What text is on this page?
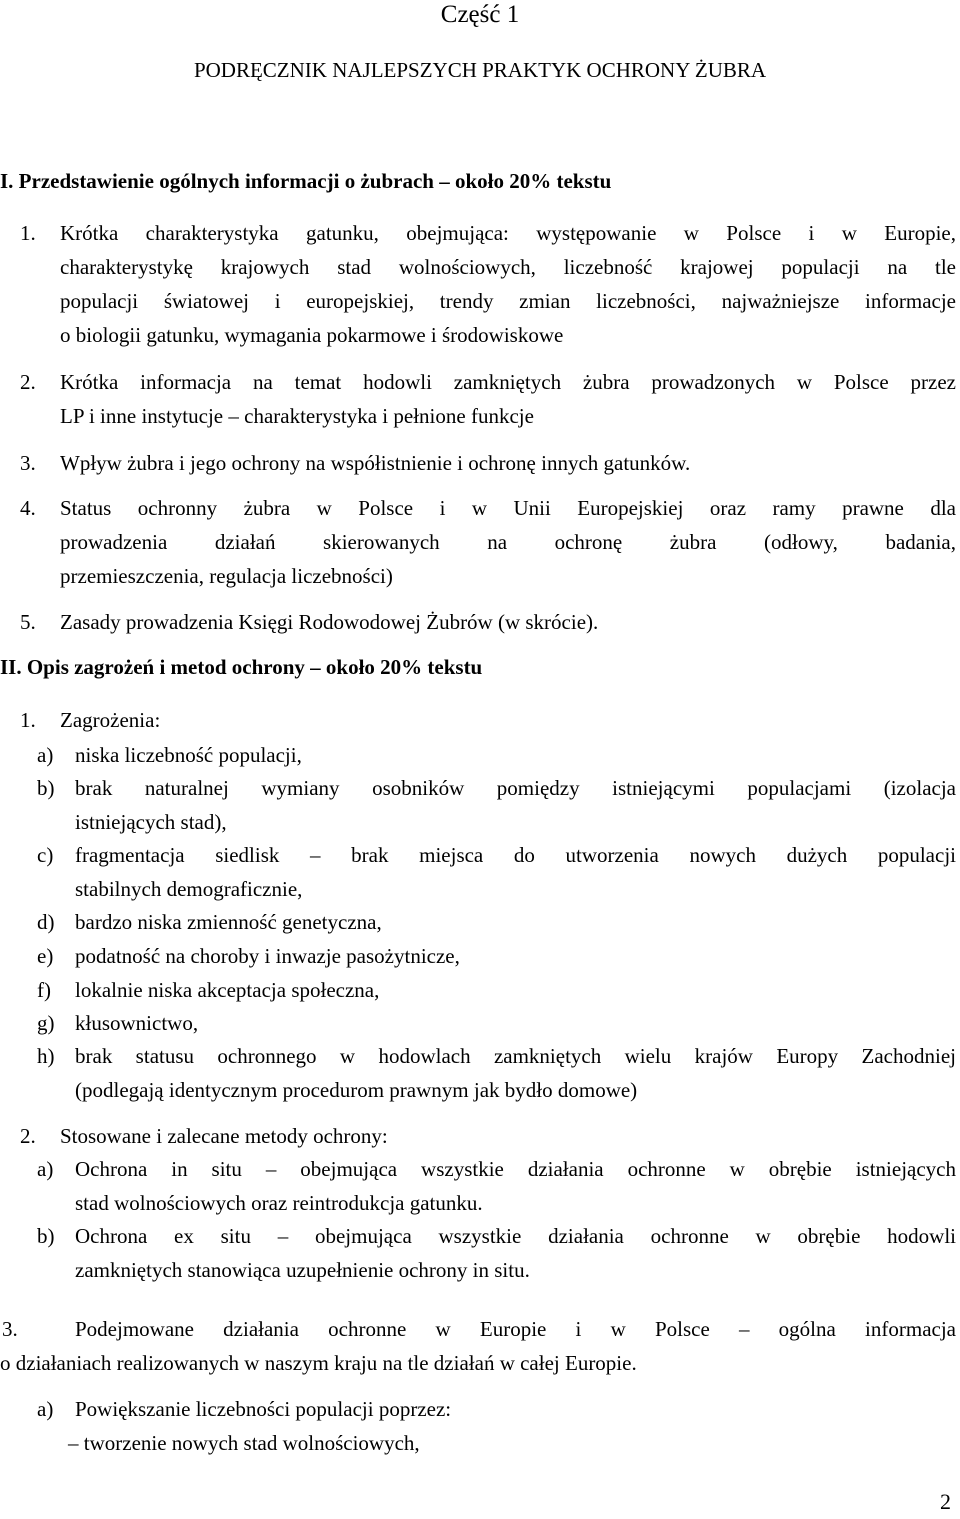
Część 1
PODRĘCZNIK NAJLEPSZYCH PRAKTYK OCHRONY ŻUBRA
I. Przedstawienie ogólnych informacji o żubrach – około 20% tekstu
1. Krótka charakterystyka gatunku, obejmująca: występowanie w Polsce i w Europie,
charakterystykę krajowych stad wolnościowych, liczebność krajowej populacji na tle
populacji światowej i europejskiej, trendy zmian liczebności, najważniejsze informacje
o biologii gatunku, wymagania pokarmowe i środowiskowe
2. Krótka informacja na temat hodowli zamkniętych żubra prowadzonych w Polsce przez
LP i inne instytucje – charakterystyka i pełnione funkcje
3. Wpływ żubra i jego ochrony na współistnienie i ochronę innych gatunków.
4. Status ochronny żubra w Polsce i w Unii Europejskiej oraz ramy prawne dla
prowadzenia działań skierowanych na ochronę żubra (odłowy, badania,
przemieszczenia, regulacja liczebności)
5. Zasady prowadzenia Księgi Rodowodowej Żubrów (w skrócie).
II. Opis zagrożeń i metod ochrony – około 20% tekstu
1. Zagrożenia:
a) niska liczebność populacji,
b) brak naturalnej wymiany osobników pomiędzy istniejącymi populacjami (izolacja
istniejących stad),
c) fragmentacja siedlisk – brak miejsca do utworzenia nowych dużych populacji
stabilnych demograficznie,
d) bardzo niska zmienność genetyczna,
e) podatność na choroby i inwazje pasożytnicze,
f) lokalnie niska akceptacja społeczna,
g) kłusownictwo,
h) brak statusu ochronnego w hodowlach zamkniętych wielu krajów Europy Zachodniej
(podlegają identycznym procedurom prawnym jak bydło domowe)
2. Stosowane i zalecane metody ochrony:
a) Ochrona in situ – obejmująca wszystkie działania ochronne w obrębie istniejących
stad wolnościowych oraz reintrodukcja gatunku.
b) Ochrona ex situ – obejmująca wszystkie działania ochronne w obrębie hodowli
zamkniętych stanowiąca uzupełnienie ochrony in situ.
3.	Podejmowane działania ochronne w Europie i w Polsce – ogólna informacja
o działaniach realizowanych w naszym kraju na tle działań w całej Europie.
a) Powiększanie liczebności populacji poprzez:
– tworzenie nowych stad wolnościowych,
2
